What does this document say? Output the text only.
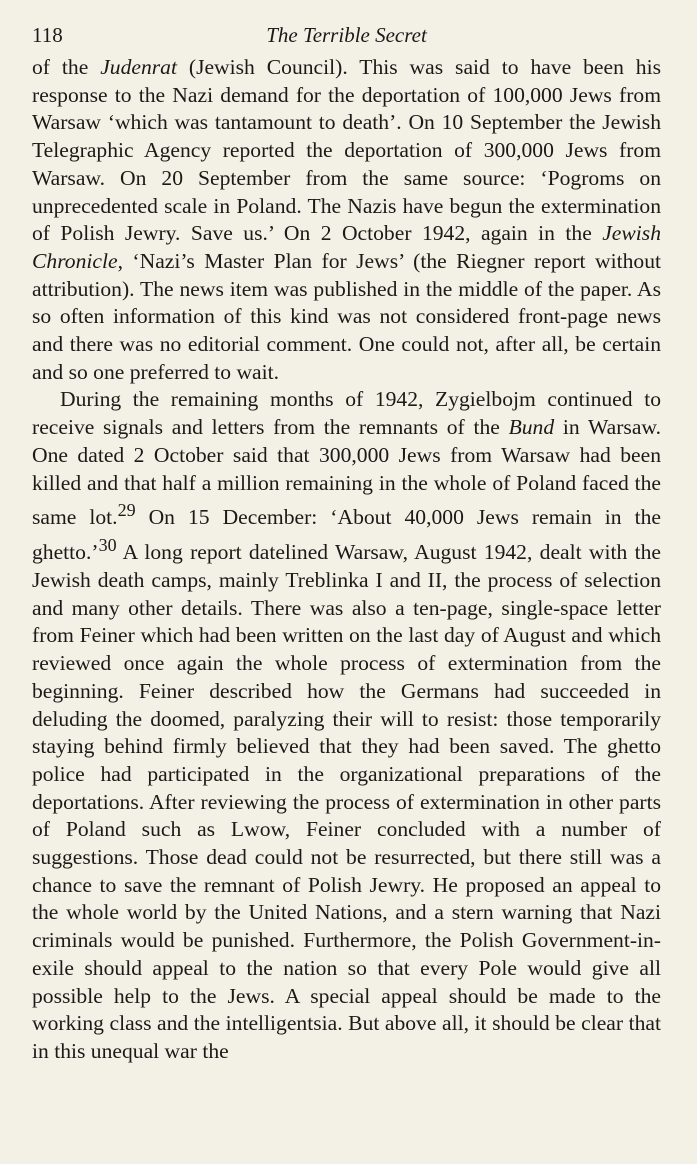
118	The Terrible Secret

of the Judenrat (Jewish Council). This was said to have been his response to the Nazi demand for the deportation of 100,000 Jews from Warsaw ‘which was tantamount to death’. On 10 September the Jewish Telegraphic Agency reported the deportation of 300,000 Jews from Warsaw. On 20 September from the same source: ‘Pogroms on unprecedented scale in Poland. The Nazis have begun the extermination of Polish Jewry. Save us.’ On 2 October 1942, again in the Jewish Chronicle, ‘Nazi’s Master Plan for Jews’ (the Riegner report without attribution). The news item was published in the middle of the paper. As so often information of this kind was not considered front-page news and there was no editorial comment. One could not, after all, be certain and so one preferred to wait.

During the remaining months of 1942, Zygielbojm continued to receive signals and letters from the remnants of the Bund in Warsaw. One dated 2 October said that 300,000 Jews from Warsaw had been killed and that half a million remaining in the whole of Poland faced the same lot.$^{29}$ On 15 December: ‘About 40,000 Jews remain in the ghetto.’$^{30}$ A long report datelined Warsaw, August 1942, dealt with the Jewish death camps, mainly Treblinka I and II, the process of selection and many other details. There was also a ten-page, single-space letter from Feiner which had been written on the last day of August and which reviewed once again the whole process of extermination from the beginning. Feiner described how the Germans had succeeded in deluding the doomed, paralyzing their will to resist: those temporarily staying behind firmly believed that they had been saved. The ghetto police had participated in the organizational preparations of the deportations. After reviewing the process of extermination in other parts of Poland such as Lwow, Feiner concluded with a number of suggestions. Those dead could not be resurrected, but there still was a chance to save the remnant of Polish Jewry. He proposed an appeal to the whole world by the United Nations, and a stern warning that Nazi criminals would be punished. Furthermore, the Polish Government-in-exile should appeal to the nation so that every Pole would give all possible help to the Jews. A special appeal should be made to the working class and the intelligentsia. But above all, it should be clear that in this unequal war the
